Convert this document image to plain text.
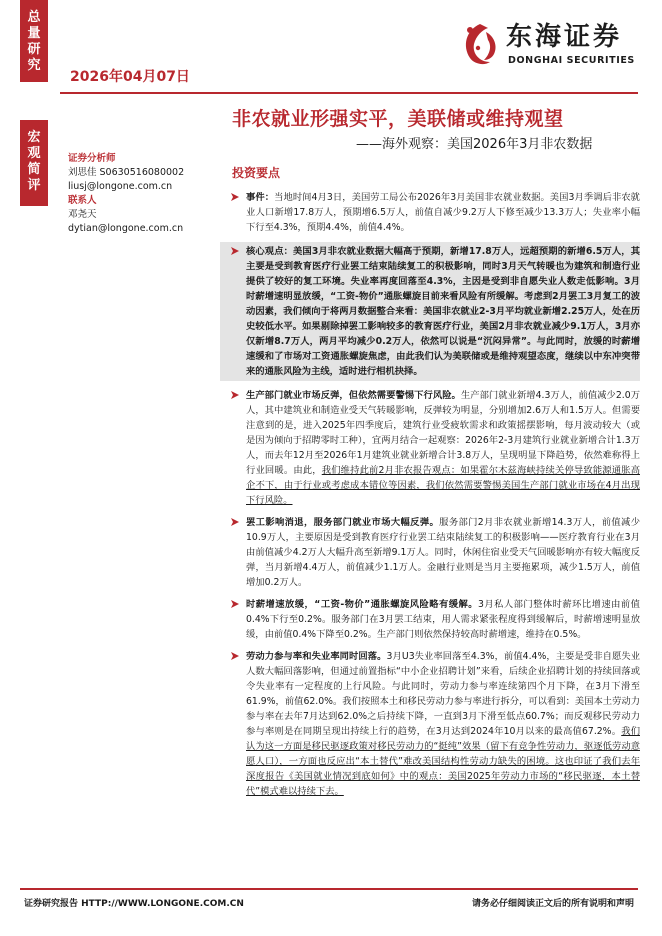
总
量
研
究
宏
观
简
评
2026年04月07日
东海证券
DONGHAI SECURITIES
非农就业形强实平，美联储或维持观望
——海外观察：美国2026年3月非农数据
证券分析师
刘思佳 S0630516080002
liusj@longone.com.cn
联系人
邓尧天
dytian@longone.com.cn
投资要点
事件：当地时间4月3日，美国劳工局公布2026年3月美国非农就业数据。美国3月季调后非农就业人口新增17.8万人，预期增6.5万人，前值自减少9.2万人下修至减少13.3万人；失业率小幅下行至4.3%，预期4.4%，前值4.4%。
核心观点：美国3月非农就业数据大幅高于预期，新增17.8万人，远超预期的新增6.5万人，其主要是受到教育医疗行业罢工结束陆续复工的积极影响，同时3月天气转暖也为建筑和制造行业提供了较好的复工环境。失业率再度回落至4.3%，主因是受到非自愿失业人数走低影响。3月时薪增速明显放缓，“工资-物价”通胀螺旋目前来看风险有所缓解。考虑到2月罢工3月复工的波动因素，我们倾向于将两月数据整合来看：美国非农就业2-3月平均就业新增2.25万人，处在历史较低水平。如果剔除掉罢工影响较多的教育医疗行业，美国2月非农就业减少9.1万人，3月亦仅新增8.7万人，两月平均减少0.2万人，依然可以说是“沉闷异常”。与此同时，放缓的时薪增速缓和了市场对工资通胀螺旋焦虑，由此我们认为美联储或是维持观望态度，继续以中东冲突带来的通胀风险为主线，适时进行相机抉择。
生产部门就业市场反弹，但依然需要警惕下行风险。生产部门就业新增4.3万人，前值减少2.0万人，其中建筑业和制造业受天气转暖影响，反弹较为明显，分别增加2.6万人和1.5万人。但需要注意到的是，进入2025年四季度后，建筑行业受疲软需求和政策摇摆影响，每月波动较大（或是因为倾向于招聘零时工种），宜两月结合一起观察：2026年2-3月建筑行业就业新增合计1.3万人，而去年12月至2026年1月建筑业就业新增合计3.8万人，呈现明显下降趋势，依然难称得上行业回暖。由此，我们维持此前2月非农报告观点：如果霍尔木兹海峡持续关停导致能源通胀高企不下，由于行业或考虑成本错位等因素，我们依然需要警惕美国生产部门就业市场在4月出现下行风险。
罢工影响消退，服务部门就业市场大幅反弹。服务部门2月非农就业新增14.3万人，前值减少10.9万人，主要原因是受到教育医疗行业罢工结束陆续复工的积极影响——医疗教育行业在3月由前值减少4.2万人大幅升高至新增9.1万人。同时，休闲住宿业受天气回暖影响亦有较大幅度反弹，当月新增4.4万人，前值减少1.1万人。金融行业则是当月主要拖累项，减少1.5万人，前值增加0.2万人。
时薪增速放缓，“工资-物价”通胀螺旋风险略有缓解。3月私人部门整体时薪环比增速由前值0.4%下行至0.2%。服务部门在3月罢工结束，用人需求紧张程度得到缓解后，时薪增速明显放缓，由前值0.4%下降至0.2%。生产部门则依然保持较高时薪增速，维持在0.5%。
劳动力参与率和失业率同时回落。3月U3失业率回落至4.3%，前值4.4%，主要是受非自愿失业人数大幅回落影响，但通过前置指标“中小企业招聘计划”来看，后续企业招聘计划的持续回落或令失业率有一定程度的上行风险。与此同时，劳动力参与率连续第四个月下降，在3月下滑至61.9%，前值62.0%。我们按照本土和移民劳动力参与率进行拆分，可以看到：美国本土劳动力参与率在去年7月达到62.0%之后持续下降，一直到3月下滑至低点60.7%；而反观移民劳动力参与率则是在同期呈现出持续上行的趋势，在3月达到2024年10月以来的最高值67.2%。我们认为这一方面是移民驱逐政策对移民劳动力的“挺纯”效果（留下有竞争性劳动力，驱逐低劳动意愿人口），一方面也反应出“本土替代”难改美国结构性劳动力缺失的困境。这也印证了我们去年深度报告《美国就业情况到底如何》中的观点：美国2025年劳动力市场的“移民驱逐，本土替代”模式难以持续下去。
证券研究报告 HTTP://WWW.LONGONE.COM.CN	请务必仔细阅读正文后的所有说明和声明
